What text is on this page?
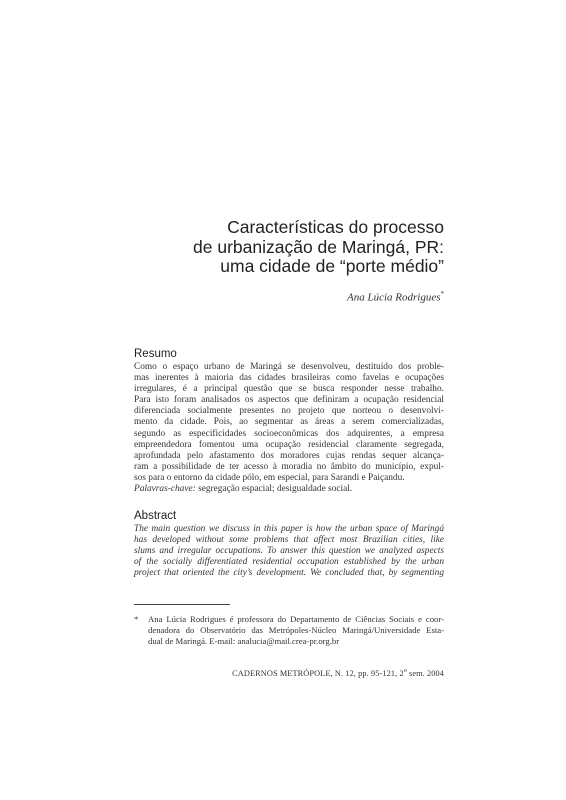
Características do processo
de urbanização de Maringá, PR:
uma cidade de “porte médio”
Ana Lúcia Rodrigues*
Resumo
Como o espaço urbano de Maringá se desenvolveu, destituído dos proble-
mas inerentes à maioria das cidades brasileiras como favelas e ocupações
irregulares, é a principal questão que se busca responder nesse trabalho.
Para isto foram analisados os aspectos que definiram a ocupação residencial
diferenciada socialmente presentes no projeto que norteou o desenvolvi-
mento da cidade. Pois, ao segmentar as áreas a serem comercializadas,
segundo as especificidades socioeconômicas dos adquirentes, a empresa
empreendedora fomentou uma ocupação residencial claramente segregada,
aprofundada pelo afastamento dos moradores cujas rendas sequer alcança-
ram a possibilidade de ter acesso à moradia no âmbito do município, expul-
sos para o entorno da cidade pólo, em especial, para Sarandi e Paiçandu.
Palavras-chave: segregação espacial; desigualdade social.
Abstract
The main question we discuss in this paper is how the urban space of Maringá
has developed without some problems that affect most Brazilian cities, like
slums and irregular occupations. To answer this question we analyzed aspects
of the socially differentiated residential occupation established by the urban
project that oriented the city’s development. We concluded that, by segmenting
* Ana Lúcia Rodrigues é professora do Departamento de Ciências Sociais e coor-
denadora do Observatório das Metrópoles-Núcleo Maringá/Universidade Esta-
dual de Maringá. E-mail: analucia@mail.crea-pr.org.br
CADERNOS METRÓPOLE, N. 12, pp. 95-121, 2$^o$ sem. 2004
